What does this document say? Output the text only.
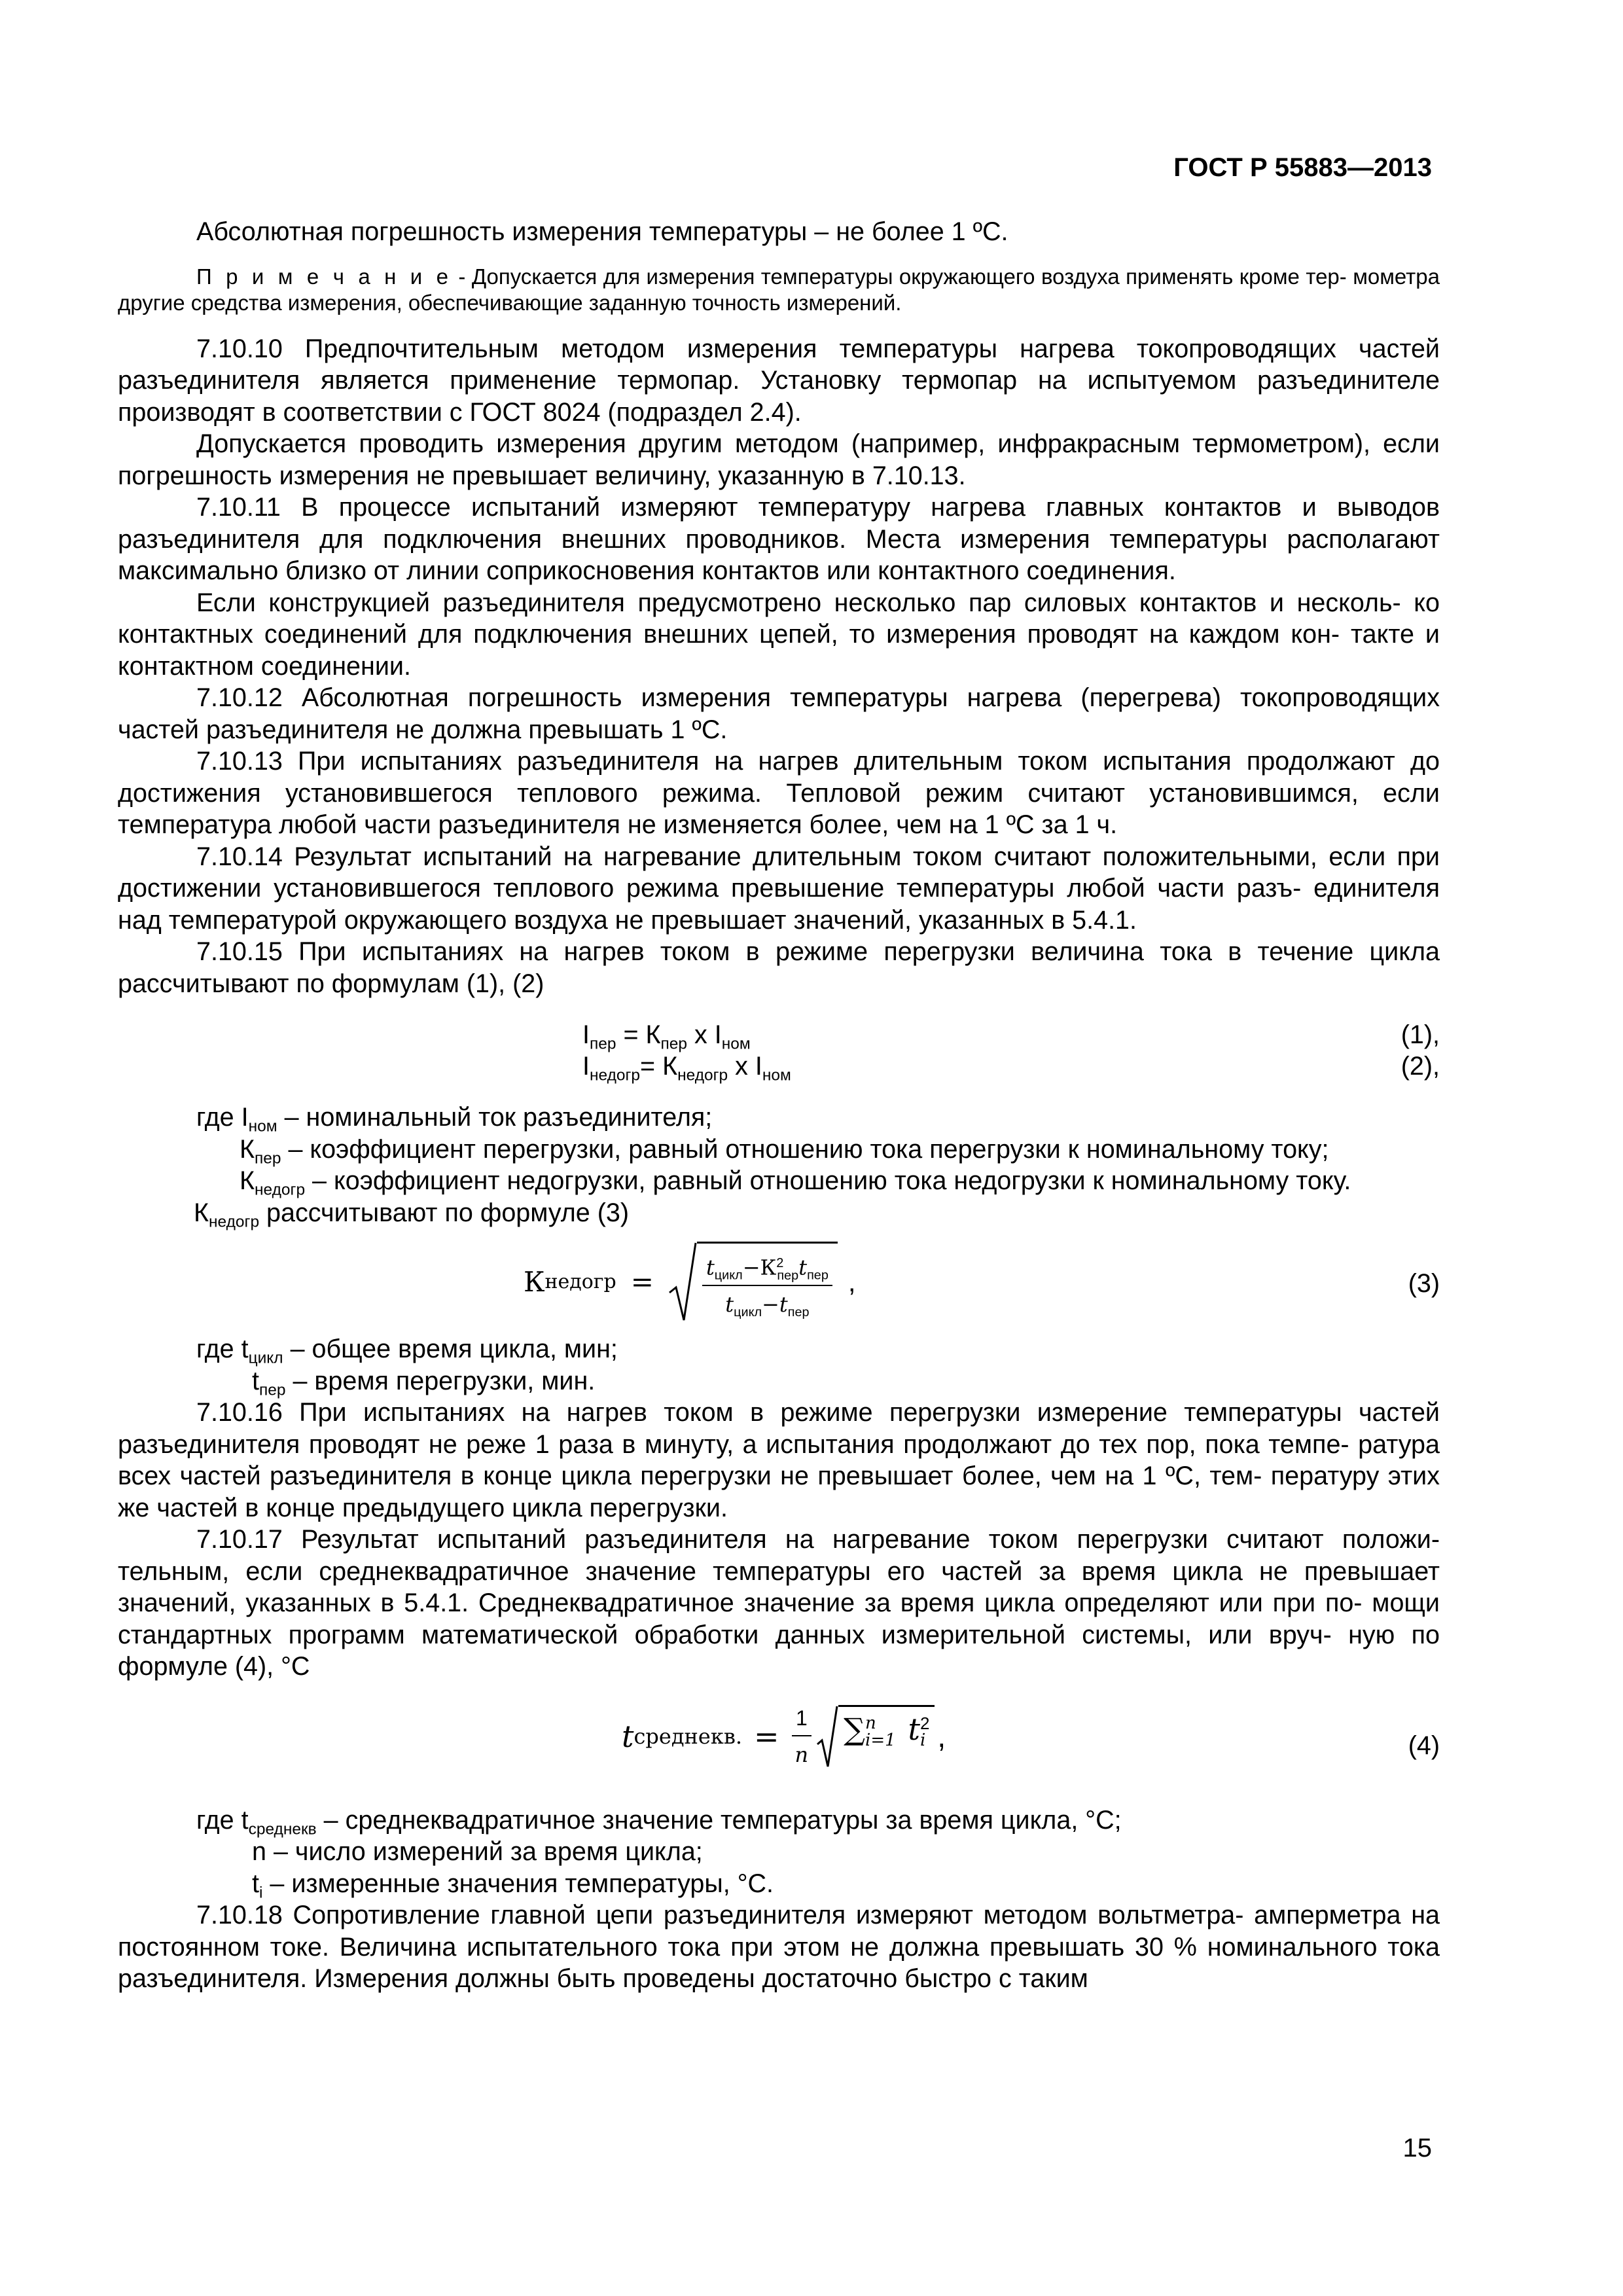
ГОСТ Р 55883—2013

Абсолютная погрешность измерения температуры – не более 1 ºС.

П р и м е ч а н и е - Допускается для измерения температуры окружающего воздуха применять кроме тер- мометра другие средства измерения, обеспечивающие заданную точность измерений.

7.10.10 Предпочтительным методом измерения температуры нагрева токопроводящих частей разъединителя является применение термопар. Установку термопар на испытуемом разъединителе производят в соответствии с ГОСТ 8024 (подраздел 2.4).

Допускается проводить измерения другим методом (например, инфракрасным термометром), если погрешность измерения не превышает величину, указанную в 7.10.13.

7.10.11 В процессе испытаний измеряют температуру нагрева главных контактов и выводов разъединителя для подключения внешних проводников. Места измерения температуры располагают максимально близко от линии соприкосновения контактов или контактного соединения.

Если конструкцией разъединителя предусмотрено несколько пар силовых контактов и несколь- ко контактных соединений для подключения внешних цепей, то измерения проводят на каждом кон- такте и контактном соединении.

7.10.12 Абсолютная погрешность измерения температуры нагрева (перегрева) токопроводящих частей разъединителя не должна превышать 1 ºС.

7.10.13 При испытаниях разъединителя на нагрев длительным током испытания продолжают до достижения установившегося теплового режима. Тепловой режим считают установившимся, если температура любой части разъединителя не изменяется более, чем на 1 ºС за 1 ч.

7.10.14 Результат испытаний на нагревание длительным током считают положительными, если при достижении установившегося теплового режима превышение температуры любой части разъ- единителя над температурой окружающего воздуха не превышает значений, указанных в 5.4.1.

7.10.15 При испытаниях на нагрев током в режиме перегрузки величина тока в течение цикла рассчитывают по формулам (1), (2)

$I_{пер} = К_{пер}$ x $I_{ном}$	(1),
$I_{недогр}= К_{недогр}$ x $I_{ном}$	(2),

где $I_{ном}$ – номинальный ток разъединителя;

$К_{пер}$ – коэффициент перегрузки, равный отношению тока перегрузки к номинальному току;

$К_{недогр}$ – коэффициент недогрузки, равный отношению тока недогрузки к номинальному току.

$К_{недогр}$ рассчитывают по формуле (3)

К недогр = $\frac{t_{цикл}-К^2_{пер}t_{пер}}{t_{цикл}-t_{пер}}$ ,	(3)

где $t_{цикл}$ – общее время цикла, мин;

$t_{пер}$ – время перегрузки, мин.

7.10.16 При испытаниях на нагрев током в режиме перегрузки измерение температуры частей разъединителя проводят не реже 1 раза в минуту, а испытания продолжают до тех пор, пока темпе- ратура всех частей разъединителя в конце цикла перегрузки не превышает более, чем на 1 ºС, тем- пературу этих же частей в конце предыдущего цикла перегрузки.

7.10.17 Результат испытаний разъединителя на нагревание током перегрузки считают положи- тельным, если среднеквадратичное значение температуры его частей за время цикла не превышает значений, указанных в 5.4.1. Среднеквадратичное значение за время цикла определяют или при по- мощи стандартных программ математической обработки данных измерительной системы, или вруч- ную по формуле (4), °С

t среднекв. = $\frac{1}{n}$ ∑ n
i=1 t 2
i ,	(4)

где $t_{среднекв}$ – среднеквадратичное значение температуры за время цикла, °С;

n – число измерений за время цикла;

$t_i$ – измеренные значения температуры, °С.

7.10.18 Сопротивление главной цепи разъединителя измеряют методом вольтметра- амперметра на постоянном токе. Величина испытательного тока при этом не должна превышать 30 % номинального тока разъединителя. Измерения должны быть проведены достаточно быстро с таким

15
